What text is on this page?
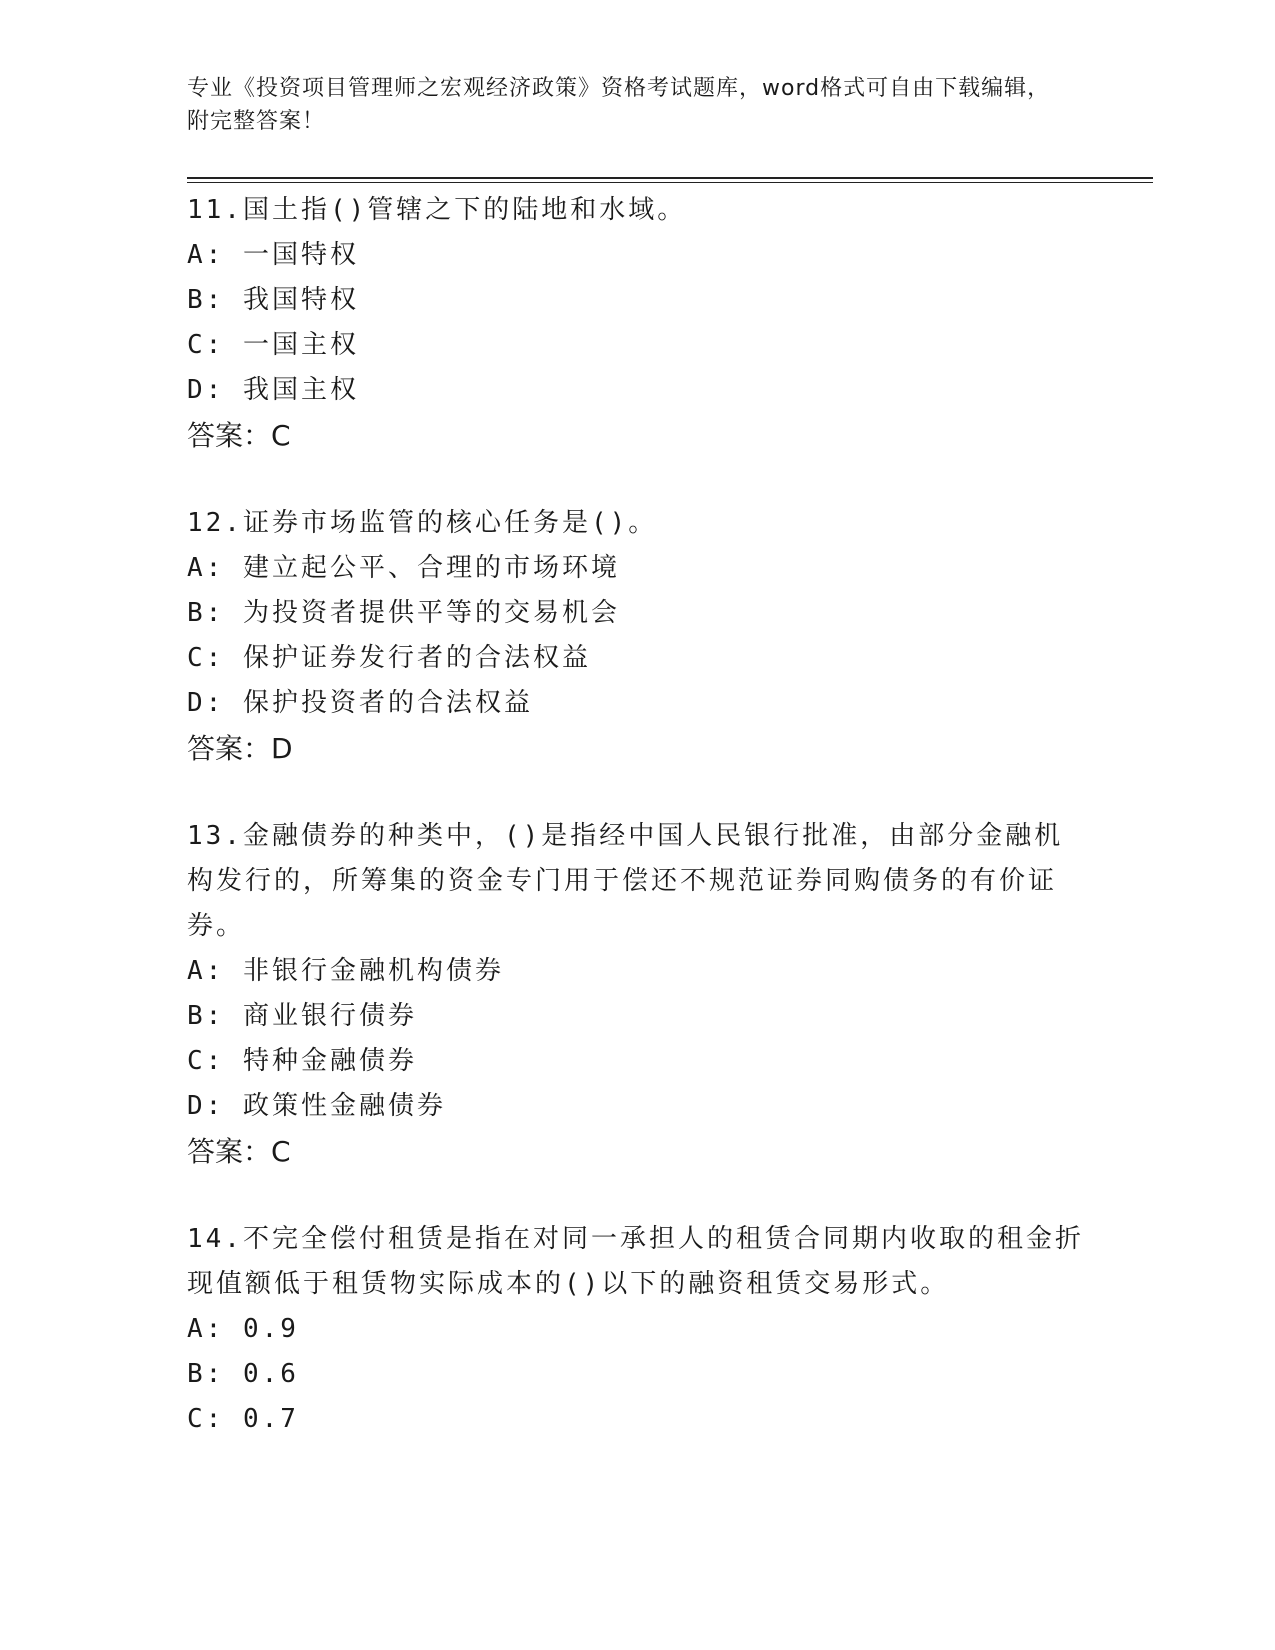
专业《投资项目管理师之宏观经济政策》资格考试题库，word格式可自由下载编辑，附完整答案！

11.国土指()管辖之下的陆地和水域。

A: 一国特权

B: 我国特权

C: 一国主权

D: 我国主权

答案：C

12.证券市场监管的核心任务是()。

A: 建立起公平、合理的市场环境

B: 为投资者提供平等的交易机会

C: 保护证券发行者的合法权益

D: 保护投资者的合法权益

答案：D

13.金融债券的种类中，()是指经中国人民银行批准，由部分金融机构发行的，所筹集的资金专门用于偿还不规范证券同购债务的有价证券。

A: 非银行金融机构债券

B: 商业银行债券

C: 特种金融债券

D: 政策性金融债券

答案：C

14.不完全偿付租赁是指在对同一承担人的租赁合同期内收取的租金折现值额低于租赁物实际成本的()以下的融资租赁交易形式。

A: 0.9

B: 0.6

C: 0.7
